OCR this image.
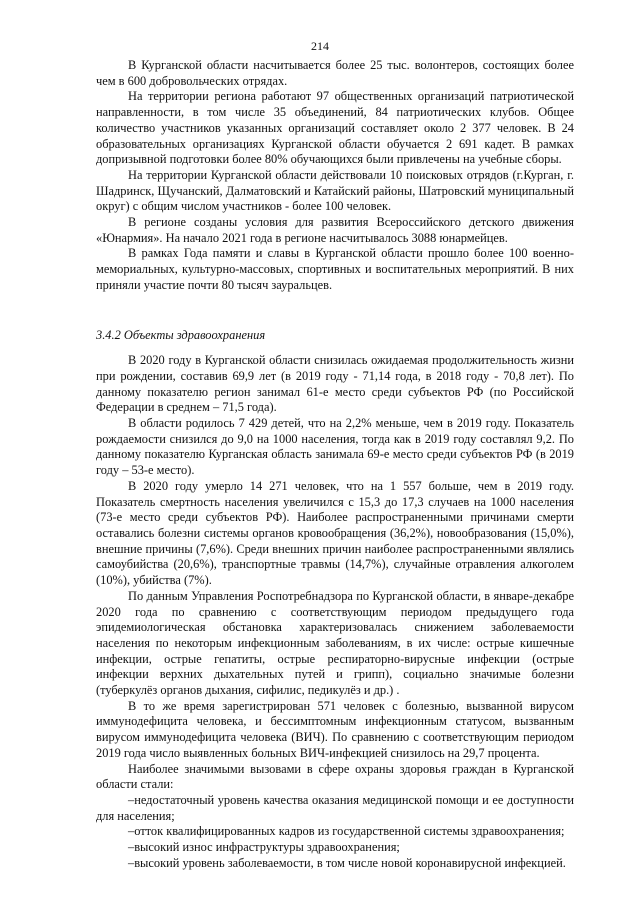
214

В Курганской области насчитывается более 25 тыс. волонтеров, состоящих более чем в 600 добровольческих отрядах.

На территории региона работают 97 общественных организаций патриотической направленности, в том числе 35 объединений, 84 патриотических клубов. Общее количество участников указанных организаций составляет около 2 377 человек. В 24 образовательных организациях Курганской области обучается 2 691 кадет. В рамках допризывной подготовки более 80% обучающихся были привлечены на учебные сборы.

На территории Курганской области действовали 10 поисковых отрядов (г.Курган, г. Шадринск, Щучанский, Далматовский и Катайский районы, Шатровский муниципальный округ) с общим числом участников - более 100 человек.

В регионе созданы условия для развития Всероссийского детского движения «Юнармия». На начало 2021 года в регионе насчитывалось 3088 юнармейцев.

В рамках Года памяти и славы в Курганской области прошло более 100 военно-мемориальных, культурно-массовых, спортивных и воспитательных мероприятий. В них приняли участие почти 80 тысяч зауральцев.

3.4.2 Объекты здравоохранения

В 2020 году в Курганской области снизилась ожидаемая продолжительность жизни при рождении, составив 69,9 лет (в 2019 году - 71,14 года, в 2018 году - 70,8 лет). По данному показателю регион занимал 61-е место среди субъектов РФ (по Российской Федерации в среднем – 71,5 года).

В области родилось 7 429 детей, что на 2,2% меньше, чем в 2019 году. Показатель рождаемости снизился до 9,0 на 1000 населения, тогда как в 2019 году составлял 9,2. По данному показателю Курганская область занимала 69-е место среди субъектов РФ (в 2019 году – 53-е место).

В 2020 году умерло 14 271 человек, что на 1 557 больше, чем в 2019 году. Показатель смертность населения увеличился с 15,3 до 17,3 случаев на 1000 населения (73-е место среди субъектов РФ). Наиболее распространенными причинами смерти оставались болезни системы органов кровообращения (36,2%), новообразования (15,0%), внешние причины (7,6%). Среди внешних причин наиболее распространенными являлись самоубийства (20,6%), транспортные травмы (14,7%), случайные отравления алкоголем (10%), убийства (7%).

По данным Управления Роспотребнадзора по Курганской области, в январе-декабре 2020 года по сравнению с соответствующим периодом предыдущего года эпидемиологическая обстановка характеризовалась снижением заболеваемости населения по некоторым инфекционным заболеваниям, в их числе: острые кишечные инфекции, острые гепатиты, острые респираторно-вирусные инфекции (острые инфекции верхних дыхательных путей и грипп), социально значимые болезни (туберкулёз органов дыхания, сифилис, педикулёз и др.) .

В то же время зарегистрирован 571 человек с болезнью, вызванной вирусом иммунодефицита человека, и бессимптомным инфекционным статусом, вызванным вирусом иммунодефицита человека (ВИЧ). По сравнению с соответствующим периодом 2019 года число выявленных больных ВИЧ-инфекцией снизилось на 29,7 процента.

Наиболее значимыми вызовами в сфере охраны здоровья граждан в Курганской области стали:

–недостаточный уровень качества оказания медицинской помощи и ее доступности для населения;

–отток квалифицированных кадров из государственной системы здравоохранения;

–высокий износ инфраструктуры здравоохранения;

–высокий уровень заболеваемости, в том числе новой коронавирусной инфекцией.
